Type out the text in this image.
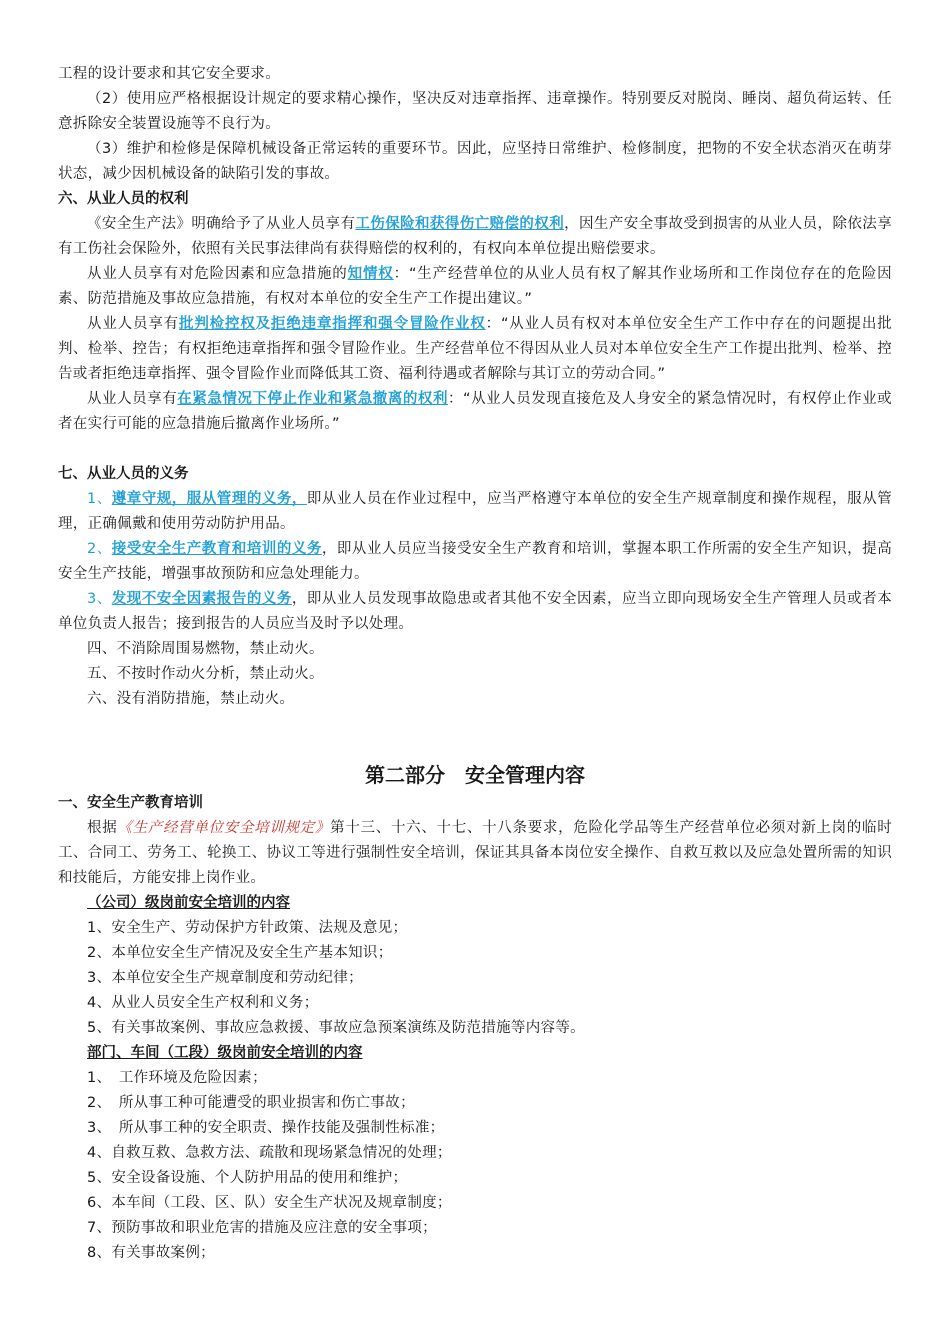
工程的设计要求和其它安全要求。

（2）使用应严格根据设计规定的要求精心操作，坚决反对违章指挥、违章操作。特别要反对脱岗、睡岗、超负荷运转、任意拆除安全装置设施等不良行为。

（3）维护和检修是保障机械设备正常运转的重要环节。因此，应坚持日常维护、检修制度，把物的不安全状态消灭在萌芽状态，减少因机械设备的缺陷引发的事故。

六、从业人员的权利

《安全生产法》明确给予了从业人员享有工伤保险和获得伤亡赔偿的权利，因生产安全事故受到损害的从业人员，除依法享有工伤社会保险外，依照有关民事法律尚有获得赔偿的权利的，有权向本单位提出赔偿要求。

从业人员享有对危险因素和应急措施的知情权：“生产经营单位的从业人员有权了解其作业场所和工作岗位存在的危险因素、防范措施及事故应急措施，有权对本单位的安全生产工作提出建议。”

从业人员享有批判检控权及拒绝违章指挥和强令冒险作业权：“从业人员有权对本单位安全生产工作中存在的问题提出批判、检举、控告；有权拒绝违章指挥和强令冒险作业。生产经营单位不得因从业人员对本单位安全生产工作提出批判、检举、控告或者拒绝违章指挥、强令冒险作业而降低其工资、福利待遇或者解除与其订立的劳动合同。”

从业人员享有在紧急情况下停止作业和紧急撤离的权利：“从业人员发现直接危及人身安全的紧急情况时，有权停止作业或者在实行可能的应急措施后撤离作业场所。”

七、从业人员的义务

1、遵章守规，服从管理的义务，即从业人员在作业过程中，应当严格遵守本单位的安全生产规章制度和操作规程，服从管理，正确佩戴和使用劳动防护用品。

2、接受安全生产教育和培训的义务，即从业人员应当接受安全生产教育和培训，掌握本职工作所需的安全生产知识，提高安全生产技能，增强事故预防和应急处理能力。

3、发现不安全因素报告的义务，即从业人员发现事故隐患或者其他不安全因素，应当立即向现场安全生产管理人员或者本单位负责人报告；接到报告的人员应当及时予以处理。

四、不消除周围易燃物，禁止动火。

五、不按时作动火分析，禁止动火。

六、没有消防措施，禁止动火。

第二部分　安全管理内容
一、安全生产教育培训

根据《生产经营单位安全培训规定》第十三、十六、十七、十八条要求，危险化学品等生产经营单位必须对新上岗的临时工、合同工、劳务工、轮换工、协议工等进行强制性安全培训，保证其具备本岗位安全操作、自救互救以及应急处置所需的知识和技能后，方能安排上岗作业。

（公司）级岗前安全培训的内容

1、安全生产、劳动保护方针政策、法规及意见；

2、本单位安全生产情况及安全生产基本知识；

3、本单位安全生产规章制度和劳动纪律；

4、从业人员安全生产权利和义务；

5、有关事故案例、事故应急救援、事故应急预案演练及防范措施等内容等。

部门、车间（工段）级岗前安全培训的内容

1、　工作环境及危险因素；

2、　所从事工种可能遭受的职业损害和伤亡事故；

3、　所从事工种的安全职责、操作技能及强制性标准；

4、自救互救、急救方法、疏散和现场紧急情况的处理；

5、安全设备设施、个人防护用品的使用和维护；

6、本车间（工段、区、队）安全生产状况及规章制度；

7、预防事故和职业危害的措施及应注意的安全事项；

8、有关事故案例；
